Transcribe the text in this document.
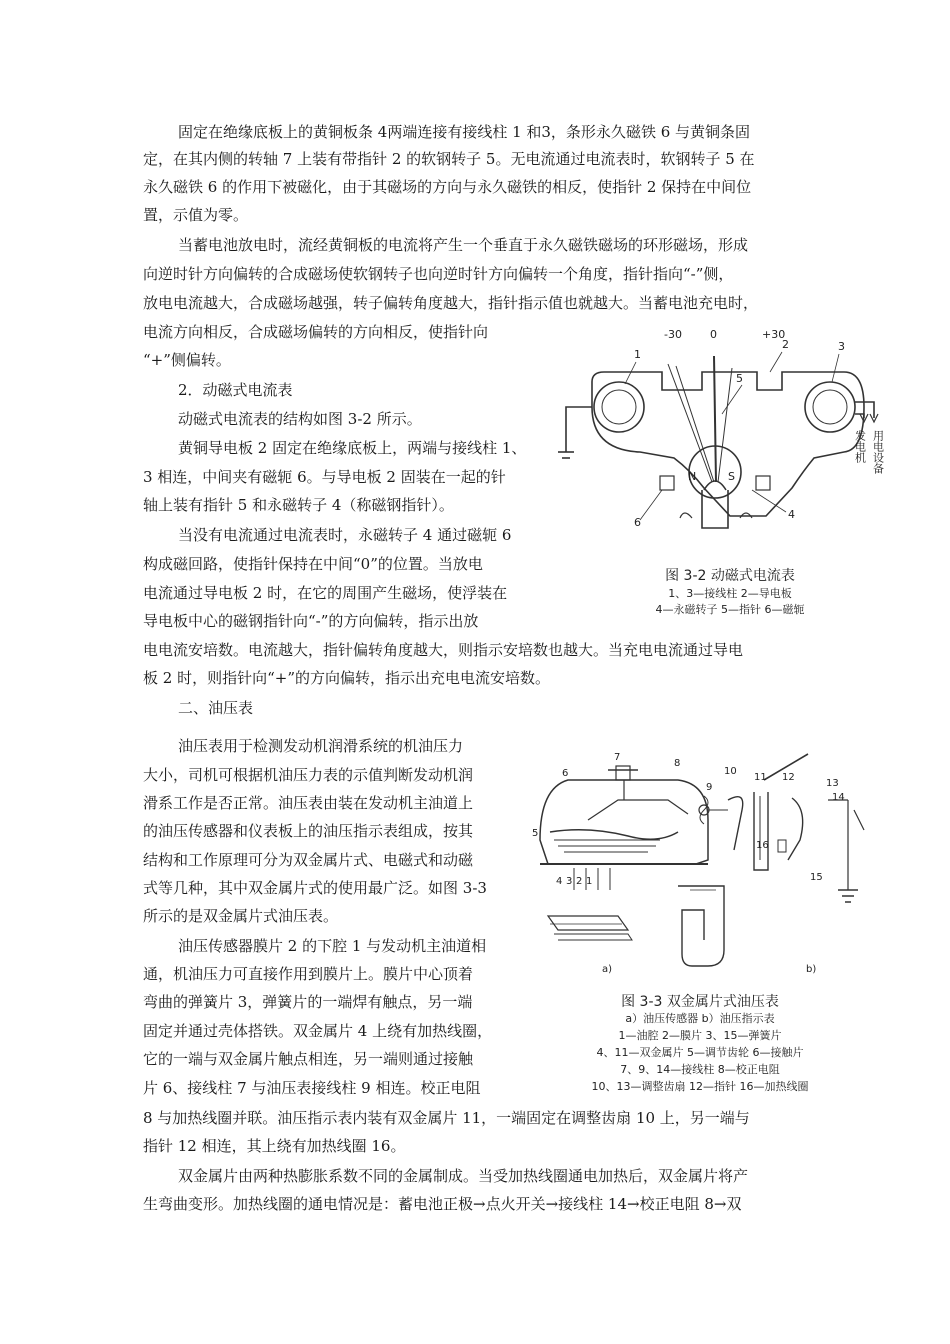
固定在绝缘底板上的黄铜板条 4两端连接有接线柱 1 和3，条形永久磁铁 6 与黄铜条固
定，在其内侧的转轴 7 上装有带指针 2 的软钢转子 5。无电流通过电流表时，软钢转子 5 在
永久磁铁 6 的作用下被磁化，由于其磁场的方向与永久磁铁的相反，使指针 2 保持在中间位
置，示值为零。
当蓄电池放电时，流经黄铜板的电流将产生一个垂直于永久磁铁磁场的环形磁场，形成
向逆时针方向偏转的合成磁场使软钢转子也向逆时针方向偏转一个角度，指针指向“-”侧，
放电电流越大，合成磁场越强，转子偏转角度越大，指针指示值也就越大。当蓄电池充电时，
电流方向相反，合成磁场偏转的方向相反，使指针向
“+”侧偏转。
2．动磁式电流表
动磁式电流表的结构如图 3-2 所示。
黄铜导电板 2 固定在绝缘底板上，两端与接线柱 1、
3 相连，中间夹有磁轭 6。与导电板 2 固装在一起的针
轴上装有指针 5 和永磁转子 4（称磁钢指针）。
当没有电流通过电流表时，永磁转子 4 通过磁轭 6
构成磁回路，使指针保持在中间“0”的位置。当放电
电流通过导电板 2 时，在它的周围产生磁场，使浮装在
导电板中心的磁钢指针向“-”的方向偏转，指示出放
电电流安培数。电流越大，指针偏转角度越大，则指示安培数也越大。当充电电流通过导电
板 2 时，则指针向“+”的方向偏转，指示出充电电流安培数。
二、油压表
油压表用于检测发动机润滑系统的机油压力
大小，司机可根据机油压力表的示值判断发动机润
滑系工作是否正常。油压表由装在发动机主油道上
的油压传感器和仪表板上的油压指示表组成，按其
结构和工作原理可分为双金属片式、电磁式和动磁
式等几种，其中双金属片式的使用最广泛。如图 3-3
所示的是双金属片式油压表。
油压传感器膜片 2 的下腔 1 与发动机主油道相
通，机油压力可直接作用到膜片上。膜片中心顶着
弯曲的弹簧片 3，弹簧片的一端焊有触点，另一端
固定并通过壳体搭铁。双金属片 4 上绕有加热线圈，
它的一端与双金属片触点相连，另一端则通过接触
片 6、接线柱 7 与油压表接线柱 9 相连。校正电阻
8 与加热线圈并联。油压指示表内装有双金属片 11，一端固定在调整齿扇 10 上，另一端与
指针 12 相连，其上绕有加热线圈 16。
双金属片由两种热膨胀系数不同的金属制成。当受加热线圈通电加热后，双金属片将产
生弯曲变形。加热线圈的通电情况是：蓄电池正极→点火开关→接线柱 14→校正电阻 8→双
-30	0	+30
N	S
1
2	3
4
5
6
发电机 用电设备
图 3-2 动磁式电流表
1、3—接线柱 2—导电板
4—永磁转子 5—指针 6—磁轭
4 3 2 1
5
6
7
8
9
10
11 12
13
14
15
16
a)	b)
图 3-3 双金属片式油压表
a）油压传感器 b）油压指示表
1—油腔 2—膜片 3、15—弹簧片
4、11—双金属片 5—调节齿轮 6—接触片
7、9、14—接线柱 8—校正电阻
10、13—调整齿扇 12—指针 16—加热线圈
